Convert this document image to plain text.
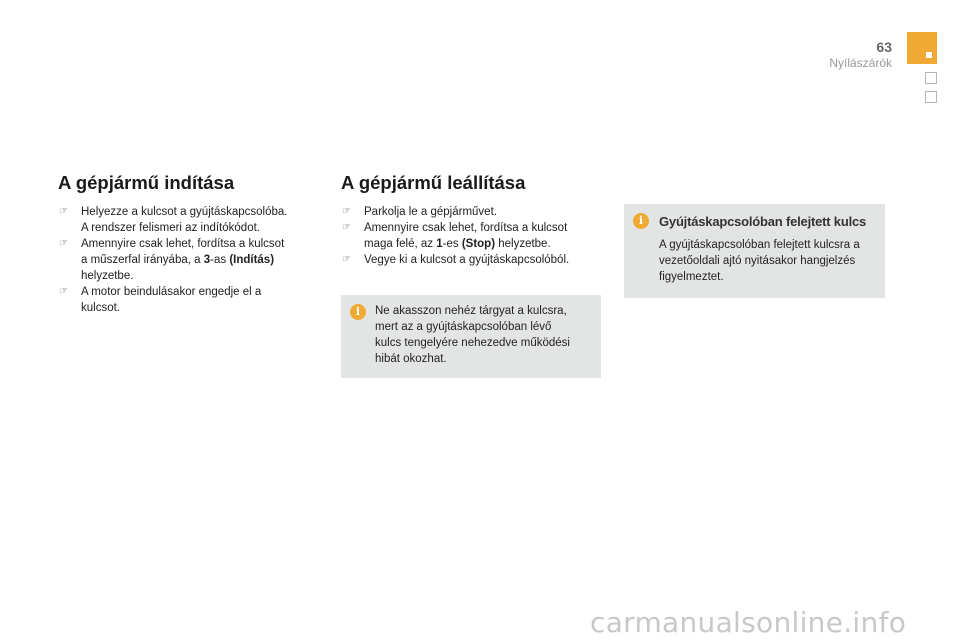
63
Nyílászárók
A gépjármű indítása
☞	Helyezze a kulcsot a gyújtáskapcsolóba.
A rendszer felismeri az indítókódot.
☞	Amennyire csak lehet, fordítsa a kulcsot
a műszerfal irányába, a 3-as (Indítás)
helyzetbe.
☞	A motor beindulásakor engedje el a
kulcsot.
A gépjármű leállítása
☞	Parkolja le a gépjárművet.
☞	Amennyire csak lehet, fordítsa a kulcsot
maga felé, az 1-es (Stop) helyzetbe.
☞	Vegye ki a kulcsot a gyújtáskapcsolóból.
i	Ne akasszon nehéz tárgyat a kulcsra,
mert az a gyújtáskapcsolóban lévő
kulcs tengelyére nehezedve működési
hibát okozhat.
i	Gyújtáskapcsolóban felejtett kulcs
A gyújtáskapcsolóban felejtett kulcsra a
vezetőoldali ajtó nyitásakor hangjelzés
figyelmeztet.
carmanualsonline.info
